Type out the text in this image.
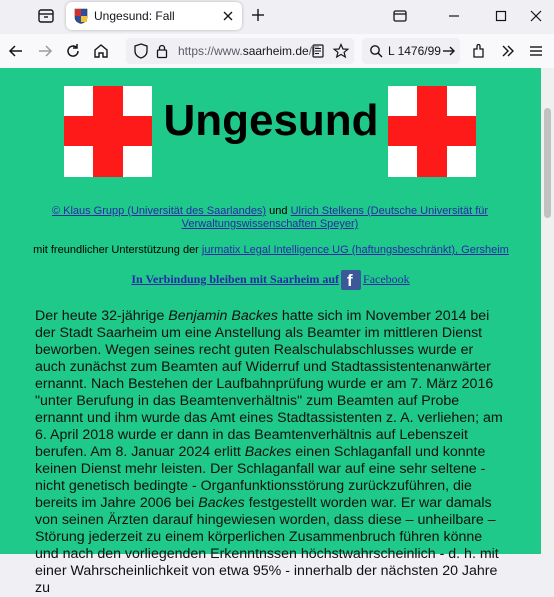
Ungesund: Fall
https://www.saarheim.de/F	L 1476/99
Ungesund
© Klaus Grupp (Universität des Saarlandes) und Ulrich Stelkens (Deutsche Universität für Verwaltungswissenschaften Speyer)
mit freundlicher Unterstützung der jurmatix Legal Intelligence UG (haftungsbeschränkt), Gersheim
In Verbindung bleiben mit Saarheim auf f Facebook
Der heute 32-jährige Benjamin Backes hatte sich im November 2014 bei der Stadt Saarheim um eine Anstellung als Beamter im mittleren Dienst beworben. Wegen seines recht guten Realschulabschlusses wurde er auch zunächst zum Beamten auf Widerruf und Stadtassistentenanwärter ernannt. Nach Bestehen der Laufbahnprüfung wurde er am 7. März 2016 "unter Berufung in das Beamtenverhältnis" zum Beamten auf Probe ernannt und ihm wurde das Amt eines Stadtassistenten z. A. verliehen; am 6. April 2018 wurde er dann in das Beamtenverhältnis auf Lebenszeit berufen. Am 8. Januar 2024 erlitt Backes einen Schlaganfall und konnte keinen Dienst mehr leisten. Der Schlaganfall war auf eine sehr seltene - nicht genetisch bedingte - Organfunktionsstörung zurückzuführen, die bereits im Jahre 2006 bei Backes festgestellt worden war. Er war damals von seinen Ärzten darauf hingewiesen worden, dass diese – unheilbare – Störung jederzeit zu einem körperlichen Zusammenbruch führen könne und nach den vorliegenden Erkenntnssen höchstwahrscheinlich - d. h. mit einer Wahrscheinlichkeit von etwa 95% - innerhalb der nächsten 20 Jahre zu
